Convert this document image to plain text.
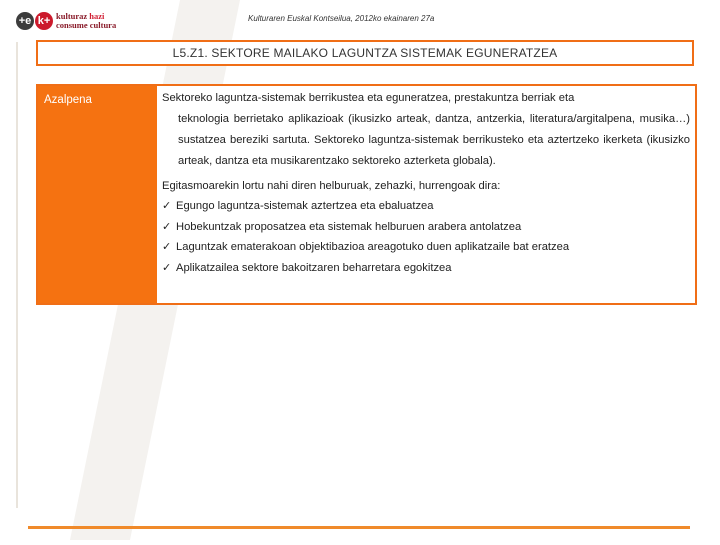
+e k+ kulturaz hazi
consume cultura
Kulturaren Euskal Kontseilua, 2012ko ekainaren 27a
L5.Z1. SEKTORE MAILAKO LAGUNTZA SISTEMAK EGUNERATZEA
Azalpena	Sektoreko laguntza-sistemak berrikustea eta eguneratzea, prestakuntza berriak eta
teknologia berrietako aplikazioak (ikusizko arteak, dantza, antzerkia, literatura/argitalpena, musika…) sustatzea bereziki sartuta. Sektoreko laguntza-sistemak berrikusteko eta aztertzeko ikerketa (ikusizko arteak, dantza eta musikarentzako sektoreko azterketa globala).
Egitasmoarekin lortu nahi diren helburuak, zehazki, hurrengoak dira:
✓ Egungo laguntza-sistemak aztertzea eta ebaluatzea
✓ Hobekuntzak proposatzea eta sistemak helburuen arabera antolatzea
✓ Laguntzak ematerakoan objektibazioa areagotuko duen aplikatzaile bat eratzea
✓ Aplikatzailea sektore bakoitzaren beharretara egokitzea
